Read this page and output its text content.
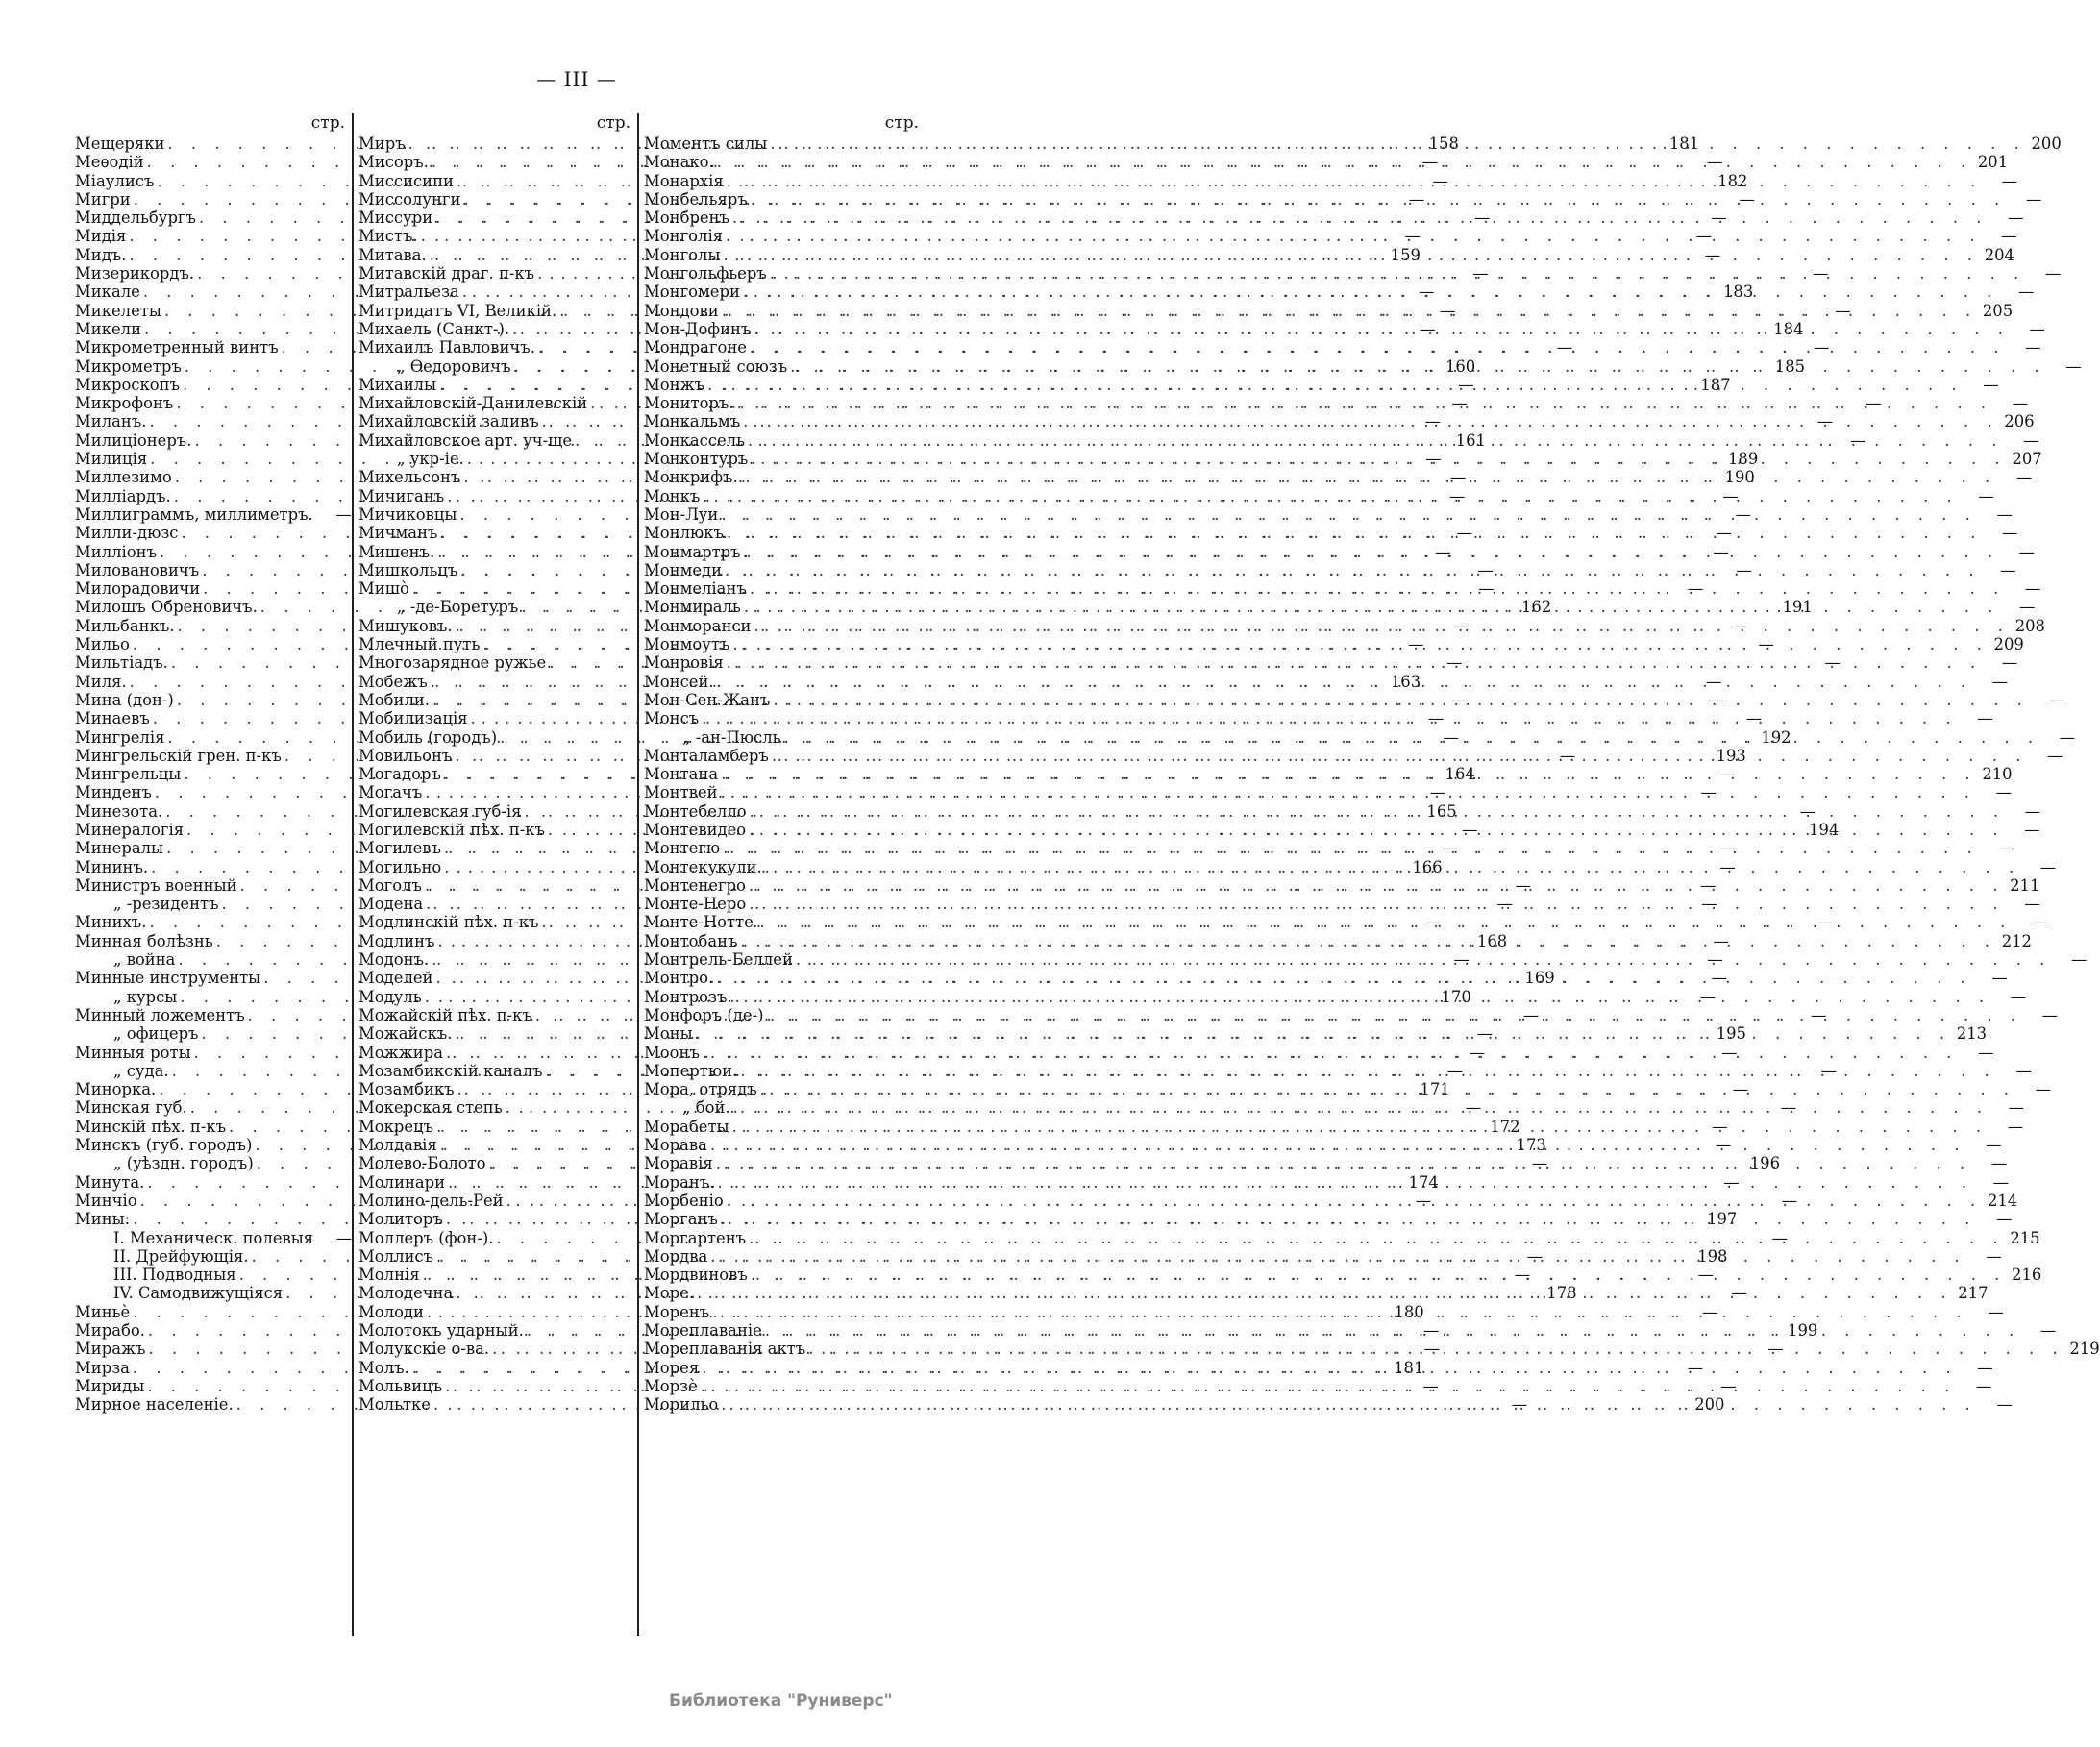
— III —
стр.
Мещеряки . . .	158
Меѳодій . . .	—
Міаулисъ . . .	—
Мигри . . .	—
Миддельбургъ . . .	—
Мидія . . .	—
Мидъ. . . .	159
Мизерикордъ. . . .	—
Микале . . .	—
Микелеты . . .	—
Микели . . .	—
Микрометренный винтъ . . .	—
Микрометръ . . .	160
Микроскопъ . . .	—
Микрофонъ . . .	—
Миланъ. . . .	—
Милиціонеръ. . . .	161
Милиція . . .	—
Миллезимо . . .	—
Милліардъ. . . .	—
Миллиграммъ, миллиметръ.	—
Милли-дюзс . . .	—
Милліонъ . . .	—
Миловановичъ . . .	—
Милорадовичи . . .	—
Милошъ Обреновичъ. . . .	162
Мильбанкъ. . . .	—
Мильо . . .	—
Мильтіадъ. . . .	—
Миля. . . .	163
Мина (дон-) . . .	—
Минаевъ . . .	—
Мингрелія . . .	—
Мингрельскій грен. п-къ . . .	—
Мингрельцы . . .	164
Минденъ . . .	—
Минезота. . . .	165
Минералогія . . .	—
Минералы . . .	—
Мининъ. . . .	166
Министръ военный . . .	—
„ -резидентъ . . .	—
Минихъ. . . .	—
Минная болѣзнь . . .	168
„ война . . .	—
Минные инструменты . . .	169
„ курсы . . .	170
Минный ложементъ . . .	—
„ офицеръ . . .	—
Минныя роты . . .	—
„ суда. . . .	—
Минорка. . . .	171
Минская губ. . . .	—
Минскій пѣх. п-къ . . .	172
Минскъ (губ. городъ) . . .	173
„ (уѣздн. городъ) . . .	—
Минута. . . .	174
Минчіо . . .	—
Мины:
. . .
I. Механическ. полевыя	—
II. Дрейфующія. . . .	—
III. Подводныя . . .	—
IV. Самодвижущіяся . . .	178
Миньè . . .	180
Мирабо. . . .	—
Миражъ . . .	—
Мирза . . .	181
Мириды . . .	—
Мирное населеніе. . . .	—
стр.
Миръ . . .	181
Мисоръ. . . .	—
Миссисипи . . .	182
Миссолунги . . .	—
Миссури . . .	—
Мистъ. . . .	—
Митава. . . .	—
Митавскій драг. п-къ . . .	—
Митральеза . . .	183
Митридатъ VI, Великій. . . .	—
Михаель (Санкт-). . . .	184
Михаилъ Павловичъ. . . .	—
„ Ѳедоровичъ . . .	185
Михаилы . . .	187
Михайловскій-Данилевскій . . .	—
Михайловскій заливъ . . .	—
Михайловское арт. уч-ще . . .	—
„ укр-іе. . . .	189
Михельсонъ . . .	190
Мичиганъ . . .	—
Мичиковцы . . .	—
Мичманъ . . .	—
Мишенъ. . . .	—
Мишкольцъ . . .	—
Мишò . . .	—
„ -де-Боретуръ . . .	191
Мишуковъ. . . .	—
Млечный путь . . .	—
Многозарядное ружье . . .	—
Мобежъ . . .	—
Мобили. . . .	—
Мобилизація . . .	—
Мобиль (городъ) . . .	192
Мовильонъ . . .	193
Могадоръ . . .	—
Могачъ . . .	—
Могилевская губ-ія . . .	—
Могилевскій пѣх. п-къ . . .	194
Могилевъ . . .	—
Могильно . . .	—
Моголъ . . .	—
Модена . . .	—
Модлинскій пѣх. п-къ . . .	—
Модлинъ . . .	—
Модонъ. . . .	—
Моделей . . .	—
Модуль . . .	—
Можайскій пѣх. п-къ . . .	—
Можайскъ. . . .	195
Можжира . . .	—
Мозамбикскій каналъ . . .	—
Мозамбикъ . . .	—
Мокерская степь . . .	—
Мокрецъ . . .	—
Молдавія . . .	—
Молево-Болото . . .	196
Молинари . . .	—
Молино-дель-Рей . . .	—
Молиторъ . . .	197
Моллеръ (фон-). . . .	—
Моллисъ . . .	198
Молнія . . .	—
Молодечна . . .	—
Молоди . . .	—
Молотокъ ударный. . . .	199
Молукскіе о-ва. . . .	—
Молъ. . . .	—
Мольвицъ . . .	—
Мольтке . . .	200
стр.
Моментъ силы . . .	200
Монако. . . .	201
Монархія . . .	—
Монбельяръ . . .	—
Монбренъ . . .	—
Монголія . . .	—
Монголы . . .	204
Монгольфьеръ . . .	—
Монгомери . . .	—
Мондови . . .	205
Мон-Дофинъ . . .	—
Мондрагоне . . .	—
Монетный союзъ . . .	—
Монжъ . . .	—
Мониторъ. . . .	—
Монкальмъ . . .	206
Монкассель . . .	—
Монконтуръ . . .	207
Монкрифъ. . . .	—
Монкъ . . .	—
Мон-Луи . . .	—
Монлюкъ . . .	—
Монмартръ . . .	—
Монмеди . . .	—
Монмеліанъ . . .	—
Монмираль . . .	—
Монморанси . . .	208
Монмоутъ . . .	209
Монровія . . .	—
Монсей. . . .	—
Мон-Сен-Жанъ . . .	—
Монсъ . . .	—
„ -ан-Пюсль . . .	—
Монталамберъ . . .	—
Монтана . . .	210
Монтвей . . .	—
Монтебелло . . .	—
Монтевидео . . .	—
Монтегю . . .	—
Монтекукули. . . .	—
Монтенегро . . .	211
Монте-Неро . . .	—
Монте-Нотте . . .	—
Монтобанъ . . .	212
Монтрель-Беллей . . .	—
Монтро. . . .	—
Монтрозъ. . . .	—
Монфоръ (де-) . . .	—
Моны . . .	213
Моонъ . . .	—
Мопертюи. . . .	—
Мора, отрядъ . . .	—
„ бой. . . .	—
Морабеты . . .	—
Морава . . .	—
Моравія . . .	—
Моранъ. . . .	—
Морбеніо . . .	214
Морганъ . . .	—
Моргартенъ . . .	215
Мордва . . .	—
Мордвиновъ . . .	216
Море. . . .	217
Моренъ . . .	—
Мореплаваніе . . .	—
Мореплаванія актъ . . .	219
Морея . . .	—
Морзè . . .	—
Морильо . . .	—
Библиотека "Руниверс"
